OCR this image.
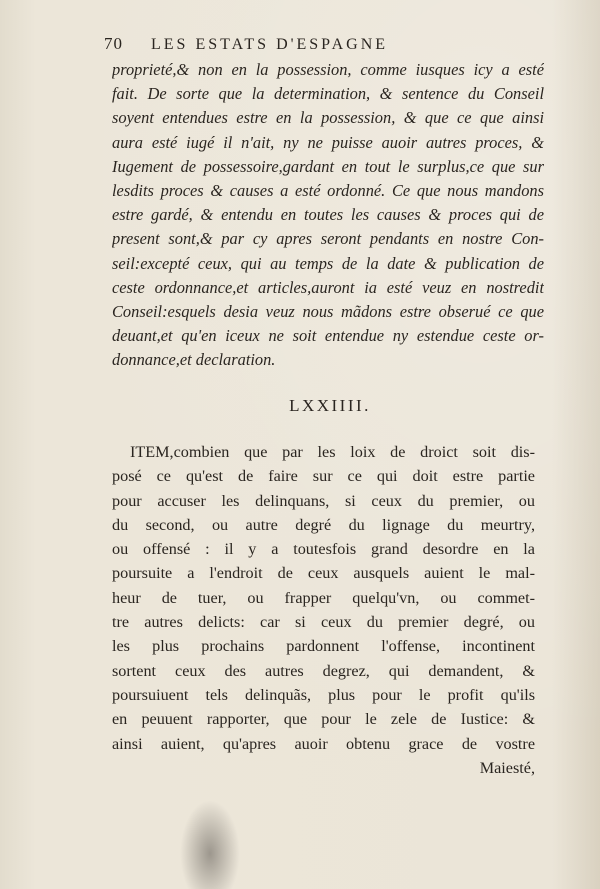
70 LES ESTATS D'ESPAGNE
proprieté,& non en la possession, comme iusques icy a esté
fait. De sorte que la determination, & sentence du Conseil
soyent entendues estre en la possession, & que ce que ainsi
aura esté iugé il n'ait, ny ne puisse auoir autres proces, &
Iugement de possessoire,gardant en tout le surplus,ce que sur
lesdits proces & causes a esté ordonné. Ce que nous mandons
estre gardé, & entendu en toutes les causes & proces qui de
present sont,& par cy apres seront pendants en nostre Con-
seil:excepté ceux, qui au temps de la date & publication de
ceste ordonnance,et articles,auront ia esté veuz en nostredit
Conseil:esquels desia veuz nous mãdons estre obserué ce que
deuant,et qu'en iceux ne soit entendue ny estendue ceste or-
donnance,et declaration.
LXXIIII.
ITEM,combien que par les loix de droict soit dis-
posé ce qu'est de faire sur ce qui doit estre partie
pour accuser les delinquans, si ceux du premier, ou
du second, ou autre degré du lignage du meurtry,
ou offensé : il y a toutesfois grand desordre en la
poursuite a l'endroit de ceux ausquels auient le mal-
heur de tuer, ou frapper quelqu'vn, ou commet-
tre autres delicts: car si ceux du premier degré, ou
les plus prochains pardonnent l'offense, incontinent
sortent ceux des autres degrez, qui demandent, &
poursuiuent tels delinquãs, plus pour le profit qu'ils
en peuuent rapporter, que pour le zele de Iustice: &
ainsi auient, qu'apres auoir obtenu grace de vostre
Maiesté,
